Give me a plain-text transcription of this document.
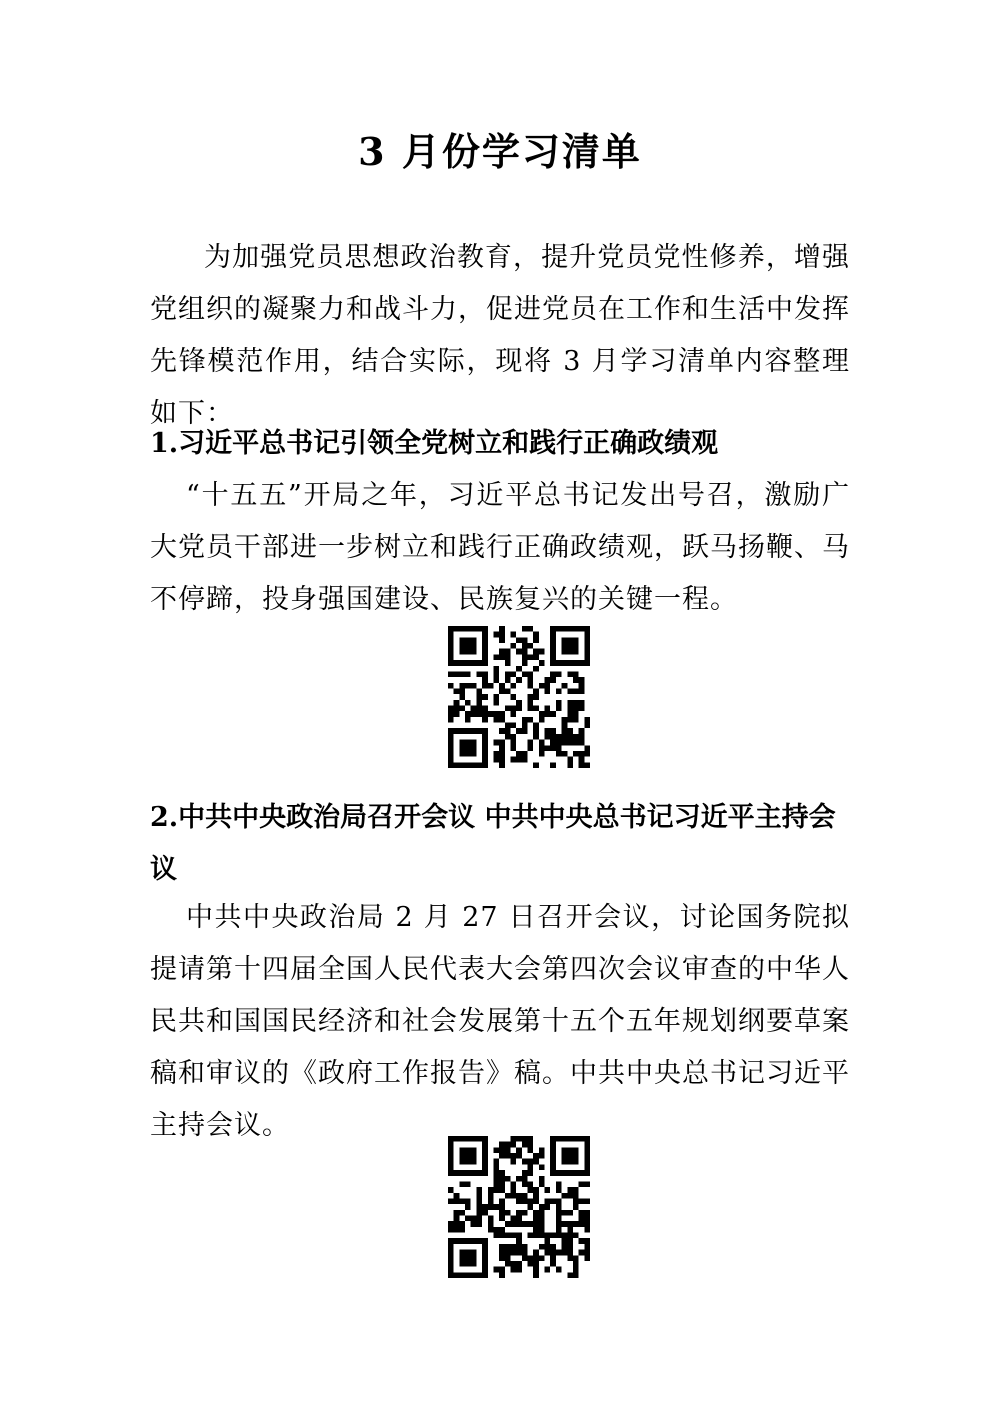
3 月份学习清单

为加强党员思想政治教育，提升党员党性修养，增强党组织的凝聚力和战斗力，促进党员在工作和生活中发挥先锋模范作用，结合实际，现将 3 月学习清单内容整理如下：

1.习近平总书记引领全党树立和践行正确政绩观

“十五五”开局之年，习近平总书记发出号召，激励广大党员干部进一步树立和践行正确政绩观，跃马扬鞭、马不停蹄，投身强国建设、民族复兴的关键一程。

2.中共中央政治局召开会议 中共中央总书记习近平主持会议

中共中央政治局 2 月 27 日召开会议，讨论国务院拟提请第十四届全国人民代表大会第四次会议审查的中华人民共和国国民经济和社会发展第十五个五年规划纲要草案稿和审议的《政府工作报告》稿。中共中央总书记习近平主持会议。
